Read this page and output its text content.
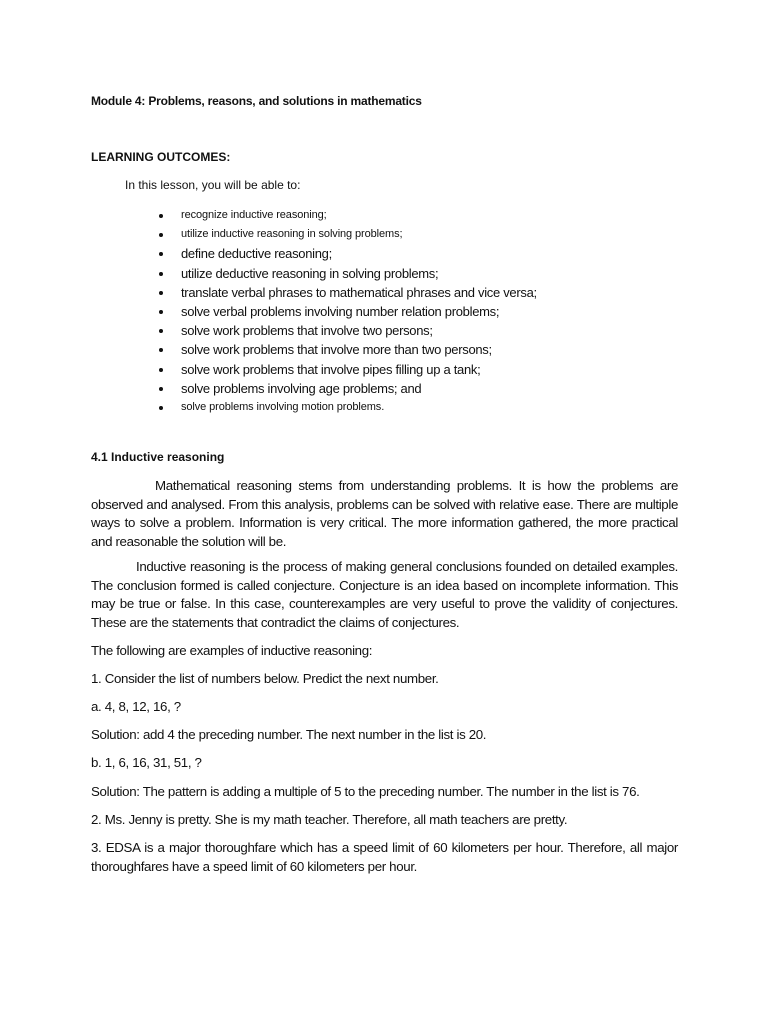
Module 4: Problems, reasons, and solutions in mathematics

LEARNING OUTCOMES:

In this lesson, you will be able to:

recognize inductive reasoning;
utilize inductive reasoning in solving problems;
define deductive reasoning;
utilize deductive reasoning in solving problems;
translate verbal phrases to mathematical phrases and vice versa;
solve verbal problems involving number relation problems;
solve work problems that involve two persons;
solve work problems that involve more than two persons;
solve work problems that involve pipes filling up a tank;
solve problems involving age problems; and
solve problems involving motion problems.

4.1 Inductive reasoning

Mathematical reasoning stems from understanding problems. It is how the problems are observed and analysed. From this analysis, problems can be solved with relative ease. There are multiple ways to solve a problem. Information is very critical. The more information gathered, the more practical and reasonable the solution will be.

Inductive reasoning is the process of making general conclusions founded on detailed examples. The conclusion formed is called conjecture. Conjecture is an idea based on incomplete information. This may be true or false. In this case, counterexamples are very useful to prove the validity of conjectures. These are the statements that contradict the claims of conjectures.

The following are examples of inductive reasoning:

1. Consider the list of numbers below. Predict the next number.

a. 4, 8, 12, 16, ?

Solution: add 4 the preceding number. The next number in the list is 20.

b. 1, 6, 16, 31, 51, ?

Solution: The pattern is adding a multiple of 5 to the preceding number. The number in the list is 76.

2. Ms. Jenny is pretty. She is my math teacher. Therefore, all math teachers are pretty.

3. EDSA is a major thoroughfare which has a speed limit of 60 kilometers per hour. Therefore, all major thoroughfares have a speed limit of 60 kilometers per hour.
